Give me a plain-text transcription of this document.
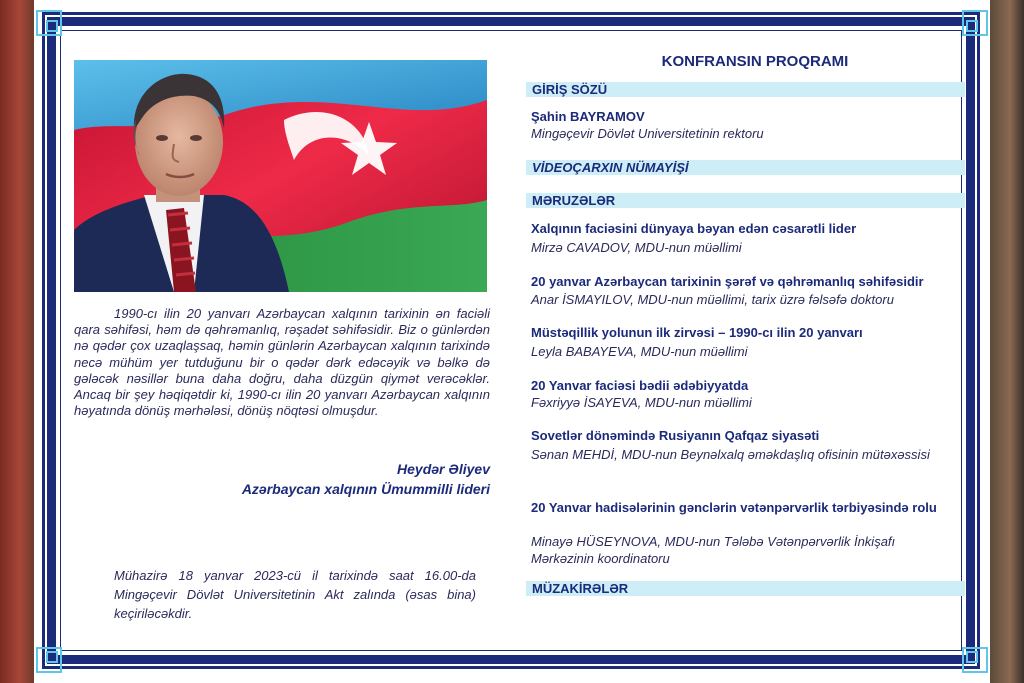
1990-cı ilin 20 yanvarı Azərbaycan xalqının tarixinin ən faciəli qara səhifəsi, həm də qəhrəmanlıq, rəşadət səhifəsidir. Biz o günlərdən nə qədər çox uzaqlaşsaq, həmin günlərin Azərbaycan xalqının tarixində necə mühüm yer tutduğunu bir o qədər dərk edəcəyik və bəlkə də gələcək nəsillər buna daha doğru, daha düzgün qiymət verəcəklər. Ancaq bir şey həqiqətdir ki, 1990-cı ilin 20 yanvarı Azərbaycan xalqının həyatında dönüş mərhələsi, dönüş nöqtəsi olmuşdur.
Heydər Əliyev
Azərbaycan xalqının Ümummilli lideri
Mühazirə 18 yanvar 2023-cü il tarixində saat 16.00-da Mingəçevir Dövlət Universitetinin Akt zalında (əsas bina) keçiriləcəkdir.
KONFRANSIN PROQRAMI
GİRİŞ SÖZÜ
Şahin BAYRAMOV
Mingəçevir Dövlət Universitetinin rektoru
VİDEOÇARXIN NÜMAYİŞİ
MƏRUZƏLƏR
Xalqının faciəsini dünyaya bəyan edən cəsarətli lider
Mirzə CAVADOV, MDU-nun müəllimi
20 yanvar Azərbaycan tarixinin şərəf və qəhrəmanlıq səhifəsidir
Anar İSMAYILOV, MDU-nun müəllimi, tarix üzrə fəlsəfə doktoru
Müstəqillik yolunun ilk zirvəsi – 1990-cı ilin 20 yanvarı
Leyla BABAYEVA, MDU-nun müəllimi
20 Yanvar faciəsi bədii ədəbiyyatda
Fəxriyyə İSAYEVA, MDU-nun müəllimi
Sovetlər dönəmində Rusiyanın Qafqaz siyasəti
Sənan MEHDİ, MDU-nun Beynəlxalq əməkdaşlıq ofisinin mütəxəssisi
20 Yanvar hadisələrinin gənclərin vətənpərvərlik tərbiyəsində rolu
Minayə HÜSEYNOVA, MDU-nun Tələbə Vətənpərvərlik İnkişafı Mərkəzinin koordinatoru
MÜZAKİRƏLƏR
